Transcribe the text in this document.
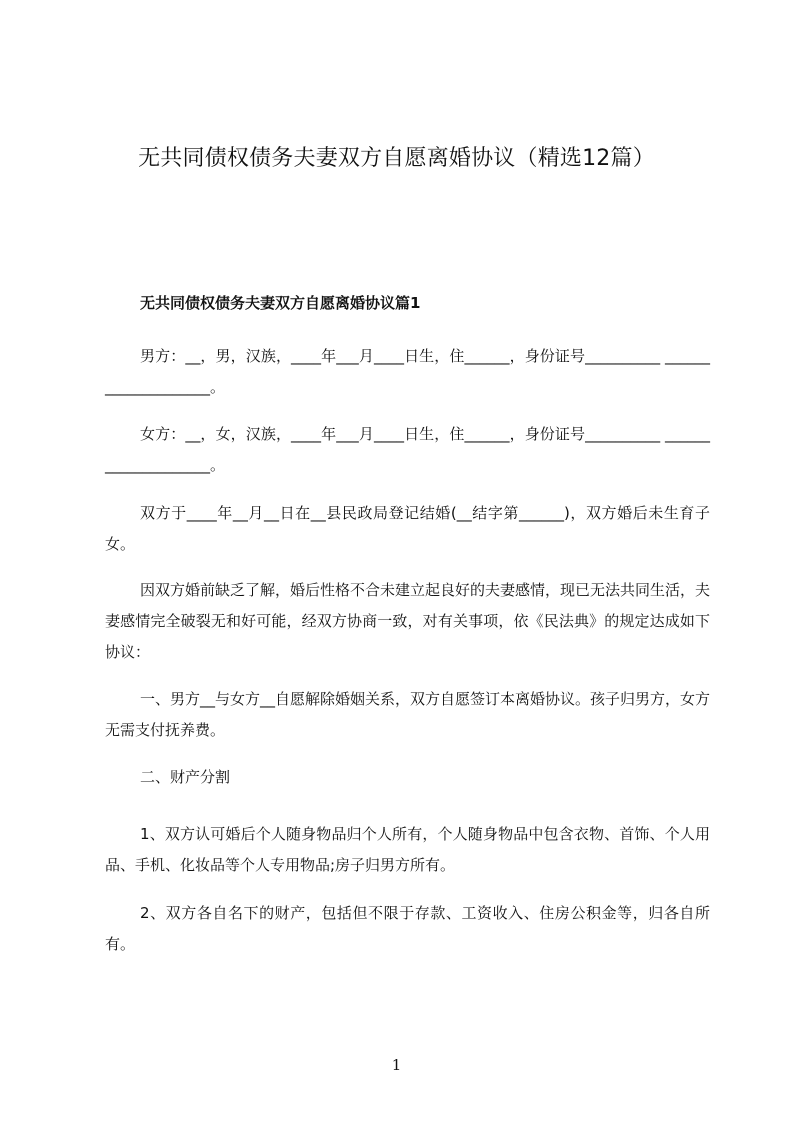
无共同债权债务夫妻双方自愿离婚协议（精选12篇）
无共同债权债务夫妻双方自愿离婚协议篇1

男方：__，男，汉族，____年___月____日生，住______，身份证号__________ ____________________。

女方：__，女，汉族，____年___月____日生，住______，身份证号__________ ____________________。

双方于____年__月__日在__县民政局登记结婚(__结字第______)，双方婚后未生育子女。

因双方婚前缺乏了解，婚后性格不合未建立起良好的夫妻感情，现已无法共同生活，夫妻感情完全破裂无和好可能，经双方协商一致，对有关事项，依《民法典》的规定达成如下协议：

一、男方__与女方__自愿解除婚姻关系，双方自愿签订本离婚协议。孩子归男方，女方无需支付抚养费。

二、财产分割

1、双方认可婚后个人随身物品归个人所有，个人随身物品中包含衣物、首饰、个人用品、手机、化妆品等个人专用物品;房子归男方所有。

2、双方各自名下的财产，包括但不限于存款、工资收入、住房公积金等，归各自所有。

1
